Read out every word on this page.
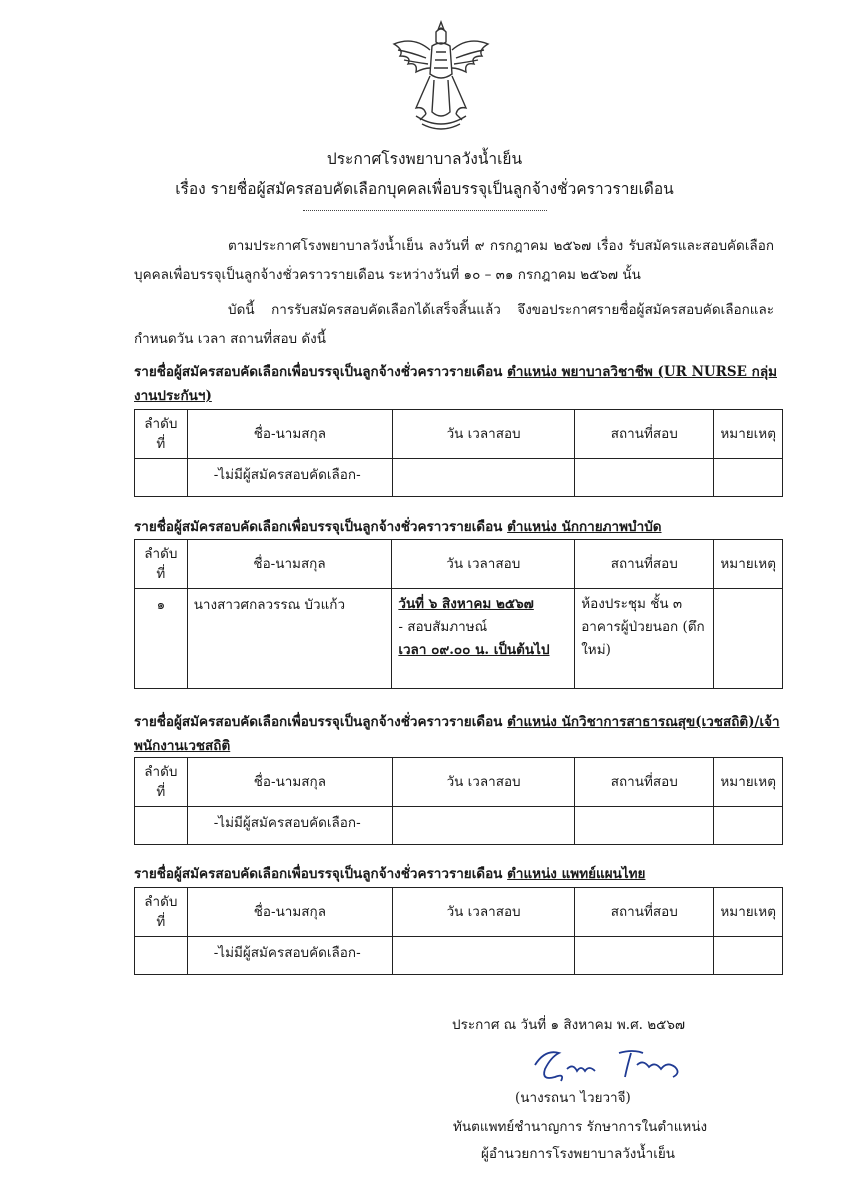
ประกาศโรงพยาบาลวังน้ำเย็น
เรื่อง รายชื่อผู้สมัครสอบคัดเลือกบุคคลเพื่อบรรจุเป็นลูกจ้างชั่วคราวรายเดือน
ตามประกาศโรงพยาบาลวังน้ำเย็น ลงวันที่ ๙ กรกฎาคม ๒๕๖๗ เรื่อง รับสมัครและสอบคัดเลือกบุคคลเพื่อบรรจุเป็นลูกจ้างชั่วคราวรายเดือน ระหว่างวันที่ ๑๐ – ๓๑ กรกฎาคม ๒๕๖๗ นั้น
บัดนี้ การรับสมัครสอบคัดเลือกได้เสร็จสิ้นแล้ว จึงขอประกาศรายชื่อผู้สมัครสอบคัดเลือกและกำหนดวัน เวลา สถานที่สอบ ดังนี้
รายชื่อผู้สมัครสอบคัดเลือกเพื่อบรรจุเป็นลูกจ้างชั่วคราวรายเดือน ตำแหน่ง พยาบาลวิชาชีพ (UR NURSE กลุ่มงานประกันฯ)
ลำดับที่	ชื่อ-นามสกุล	วัน เวลาสอบ	สถานที่สอบ	หมายเหตุ
	-ไม่มีผู้สมัครสอบคัดเลือก-			
รายชื่อผู้สมัครสอบคัดเลือกเพื่อบรรจุเป็นลูกจ้างชั่วคราวรายเดือน ตำแหน่ง นักกายภาพบำบัด
ลำดับที่	ชื่อ-นามสกุล	วัน เวลาสอบ	สถานที่สอบ	หมายเหตุ
๑	นางสาวศกลวรรณ บัวแก้ว	วันที่ ๖ สิงหาคม ๒๕๖๗
- สอบสัมภาษณ์
เวลา ๐๙.๐๐ น. เป็นต้นไป	ห้องประชุม ชั้น ๓ อาคารผู้ป่วยนอก (ตึกใหม่)	
รายชื่อผู้สมัครสอบคัดเลือกเพื่อบรรจุเป็นลูกจ้างชั่วคราวรายเดือน ตำแหน่ง นักวิชาการสาธารณสุข(เวชสถิติ)/เจ้าพนักงานเวชสถิติ
ลำดับที่	ชื่อ-นามสกุล	วัน เวลาสอบ	สถานที่สอบ	หมายเหตุ
	-ไม่มีผู้สมัครสอบคัดเลือก-			
รายชื่อผู้สมัครสอบคัดเลือกเพื่อบรรจุเป็นลูกจ้างชั่วคราวรายเดือน ตำแหน่ง แพทย์แผนไทย
ลำดับที่	ชื่อ-นามสกุล	วัน เวลาสอบ	สถานที่สอบ	หมายเหตุ
	-ไม่มีผู้สมัครสอบคัดเลือก-			
ประกาศ ณ วันที่ ๑ สิงหาคม พ.ศ. ๒๕๖๗
(นางรถนา ไวยวาจี)
ทันตแพทย์ชำนาญการ รักษาการในตำแหน่ง
ผู้อำนวยการโรงพยาบาลวังน้ำเย็น
